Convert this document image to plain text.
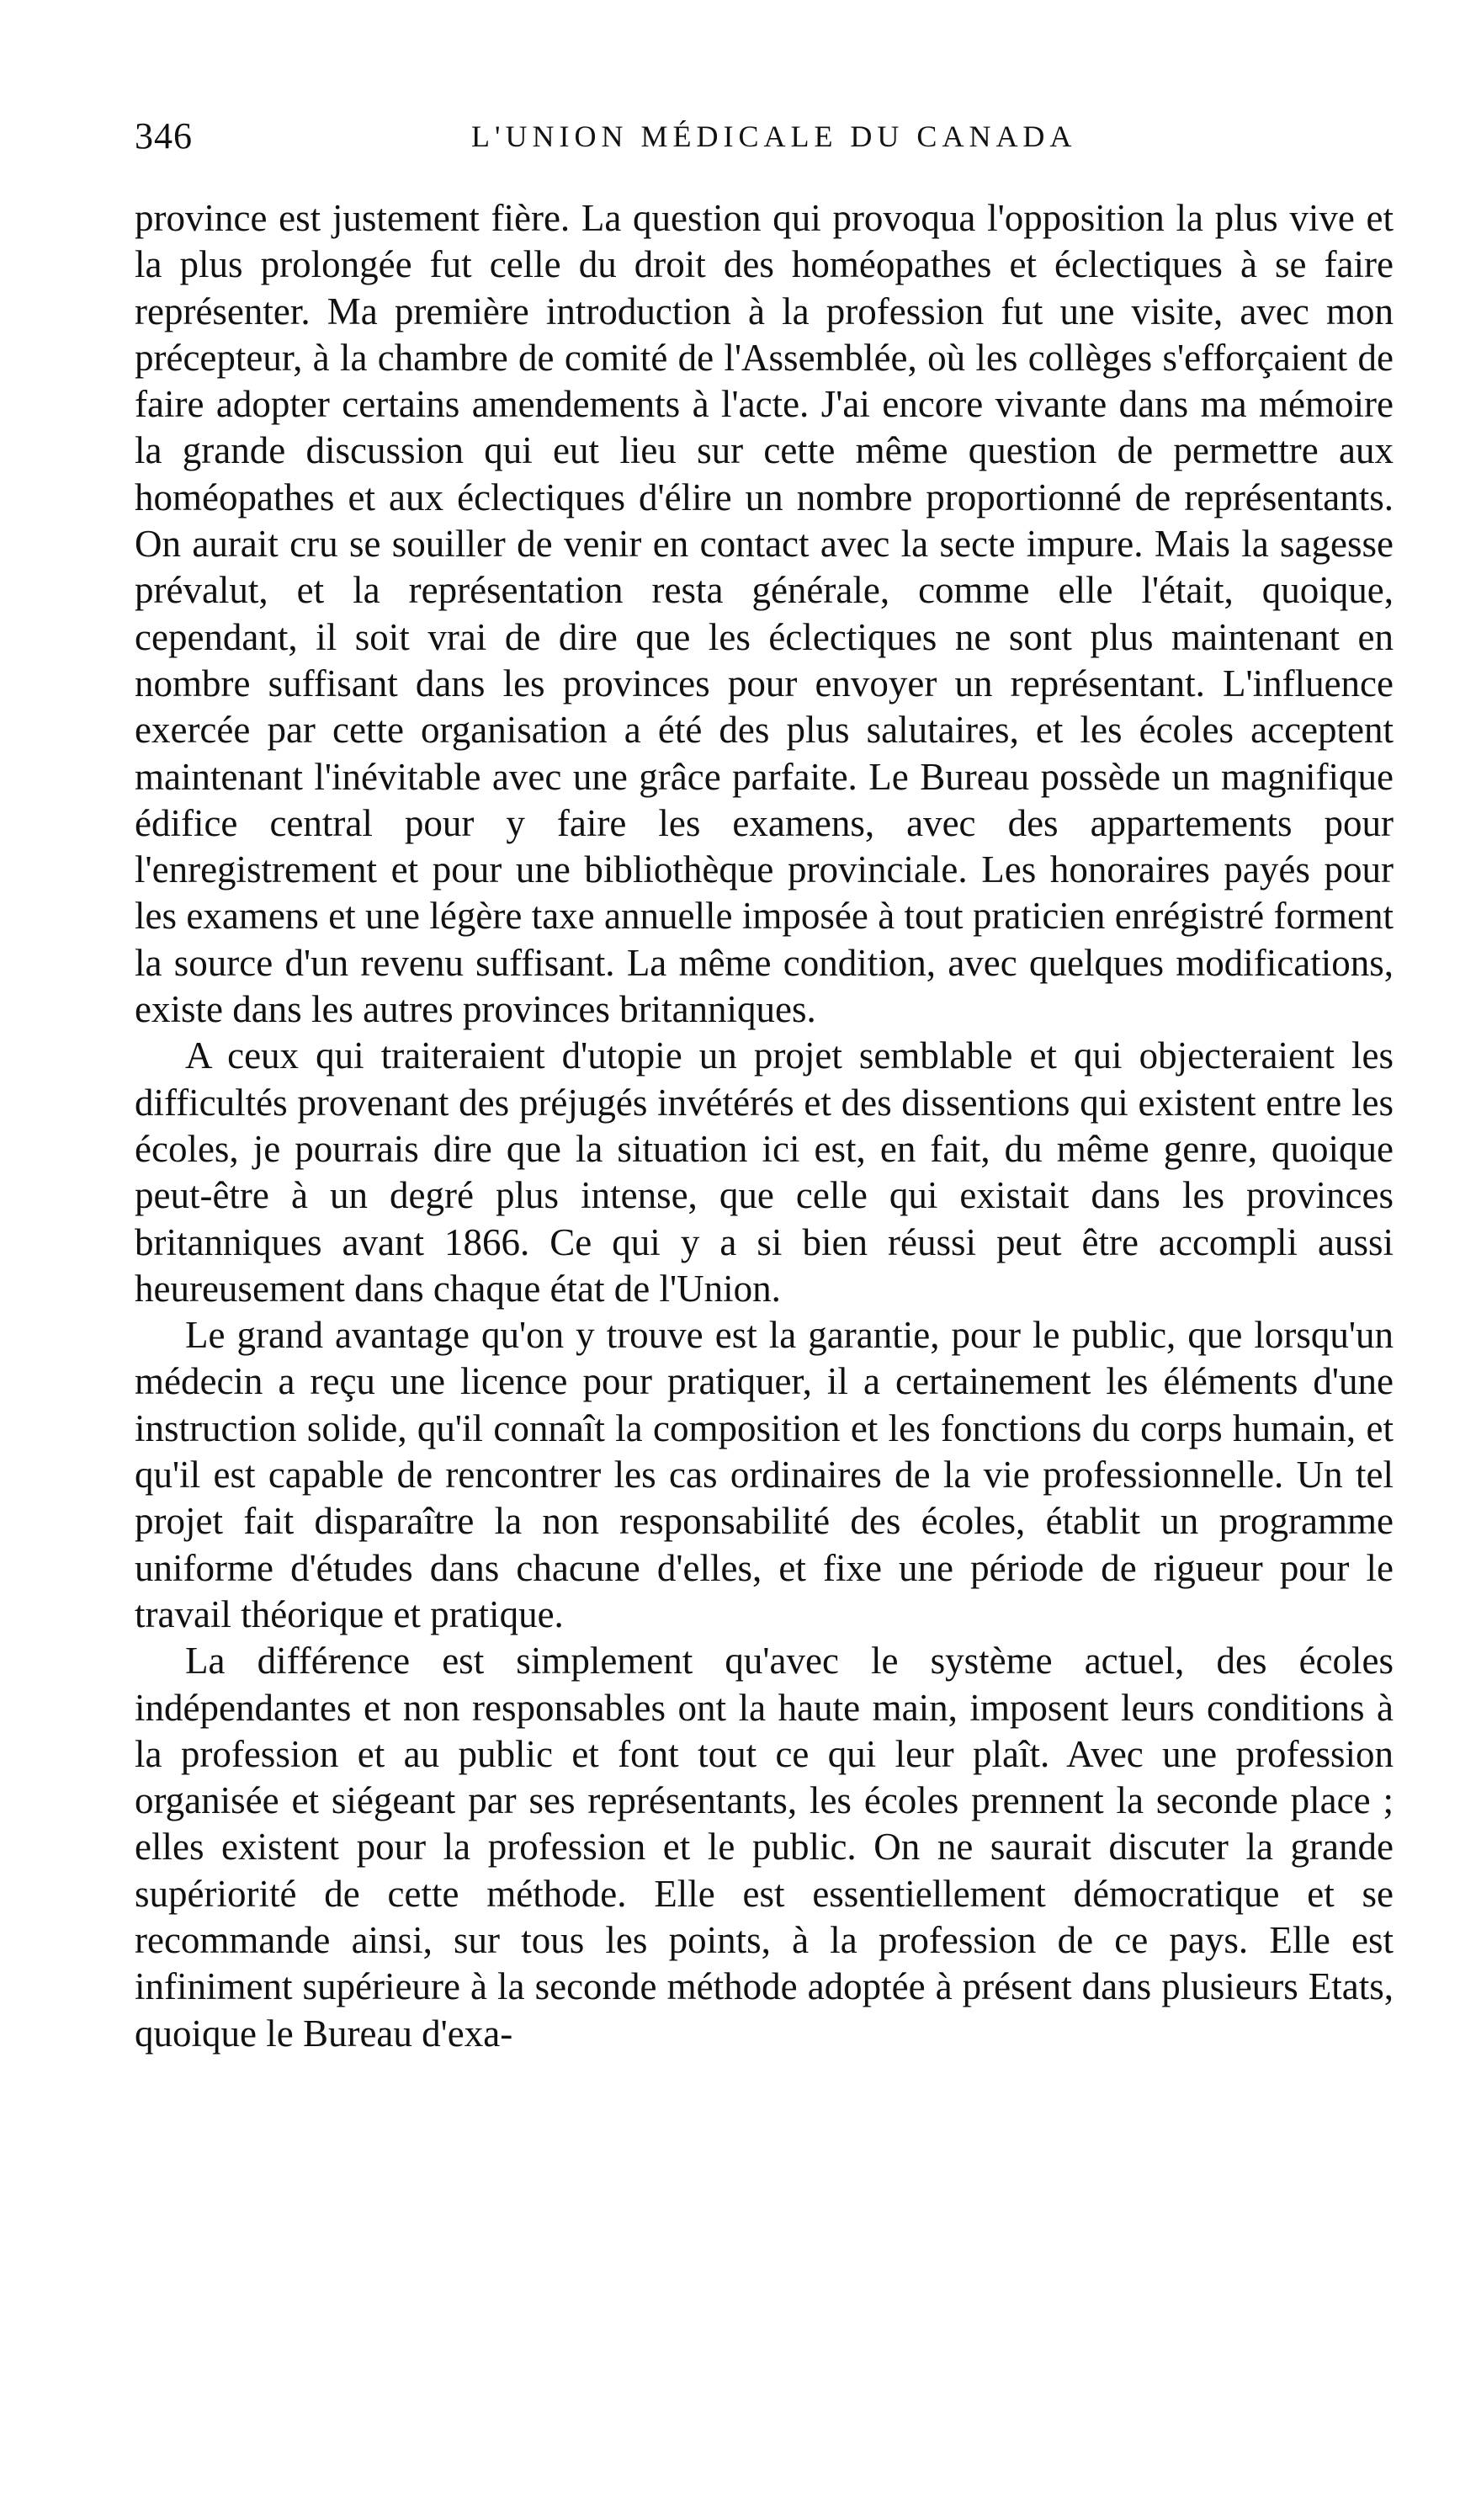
346	L'UNION MÉDICALE DU CANADA

province est justement fière. La question qui provoqua l'opposition la plus vive et la plus prolongée fut celle du droit des homéopathes et éclectiques à se faire représenter. Ma première introduction à la profession fut une visite, avec mon précepteur, à la chambre de comité de l'Assemblée, où les collèges s'efforçaient de faire adopter certains amendements à l'acte. J'ai encore vivante dans ma mémoire la grande discussion qui eut lieu sur cette même question de permettre aux homéopathes et aux éclectiques d'élire un nombre proportionné de représentants. On aurait cru se souiller de venir en contact avec la secte impure. Mais la sagesse prévalut, et la représentation resta générale, comme elle l'était, quoique, cependant, il soit vrai de dire que les éclectiques ne sont plus maintenant en nombre suffisant dans les provinces pour envoyer un représentant. L'influence exercée par cette organisation a été des plus salutaires, et les écoles acceptent maintenant l'inévitable avec une grâce parfaite. Le Bureau possède un magnifique édifice central pour y faire les examens, avec des appartements pour l'enregistrement et pour une bibliothèque provinciale. Les honoraires payés pour les examens et une légère taxe annuelle imposée à tout praticien enrégistré forment la source d'un revenu suffisant. La même condition, avec quelques modifications, existe dans les autres provinces britanniques.

A ceux qui traiteraient d'utopie un projet semblable et qui objecteraient les difficultés provenant des préjugés invétérés et des dissentions qui existent entre les écoles, je pourrais dire que la situation ici est, en fait, du même genre, quoique peut-être à un degré plus intense, que celle qui existait dans les provinces britanniques avant 1866. Ce qui y a si bien réussi peut être accompli aussi heureusement dans chaque état de l'Union.

Le grand avantage qu'on y trouve est la garantie, pour le public, que lorsqu'un médecin a reçu une licence pour pratiquer, il a certainement les éléments d'une instruction solide, qu'il connaît la composition et les fonctions du corps humain, et qu'il est capable de rencontrer les cas ordinaires de la vie professionnelle. Un tel projet fait disparaître la non responsabilité des écoles, établit un programme uniforme d'études dans chacune d'elles, et fixe une période de rigueur pour le travail théorique et pratique.

La différence est simplement qu'avec le système actuel, des écoles indépendantes et non responsables ont la haute main, imposent leurs conditions à la profession et au public et font tout ce qui leur plaît. Avec une profession organisée et siégeant par ses représentants, les écoles prennent la seconde place ; elles existent pour la profession et le public. On ne saurait discuter la grande supériorité de cette méthode. Elle est essentiellement démocratique et se recommande ainsi, sur tous les points, à la profession de ce pays. Elle est infiniment supérieure à la seconde méthode adoptée à présent dans plusieurs Etats, quoique le Bureau d'exa-
